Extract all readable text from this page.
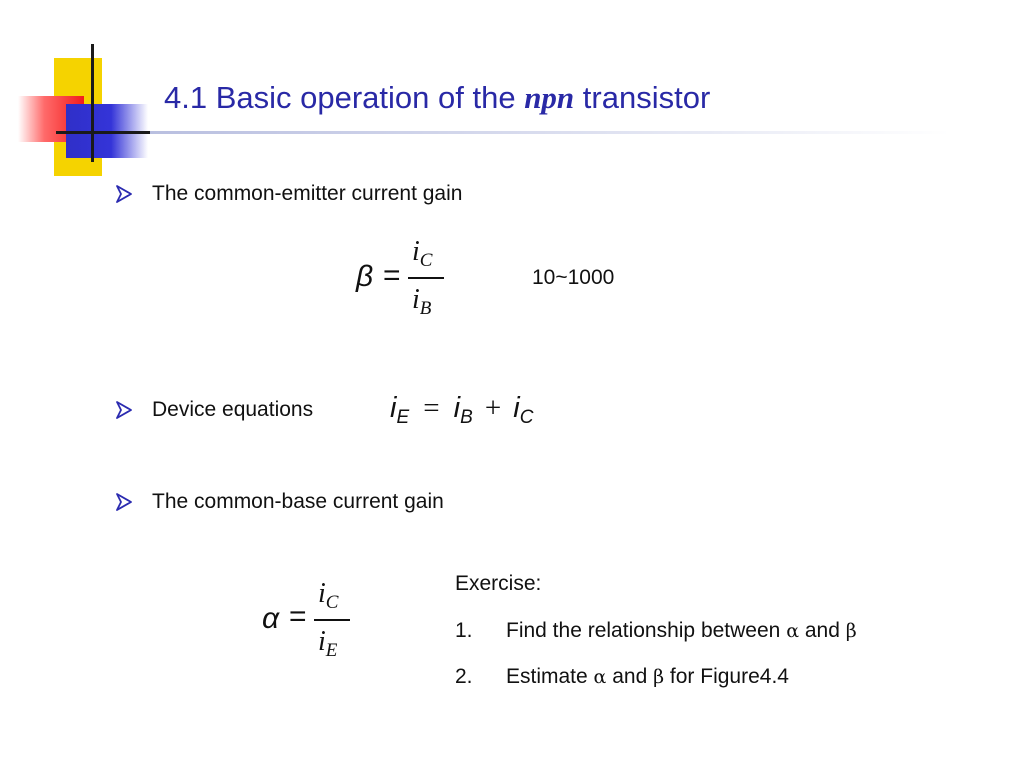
4.1 Basic operation of the npn transistor
The common-emitter current gain
β =
$i_C$
$i_B$
10~1000
Device equations	$i_E = i_B + i_C$
The common-base current gain
α =
$i_C$
$i_E$
Exercise:
1. Find the relationship between α and β
2. Estimate α and β for Figure4.4
